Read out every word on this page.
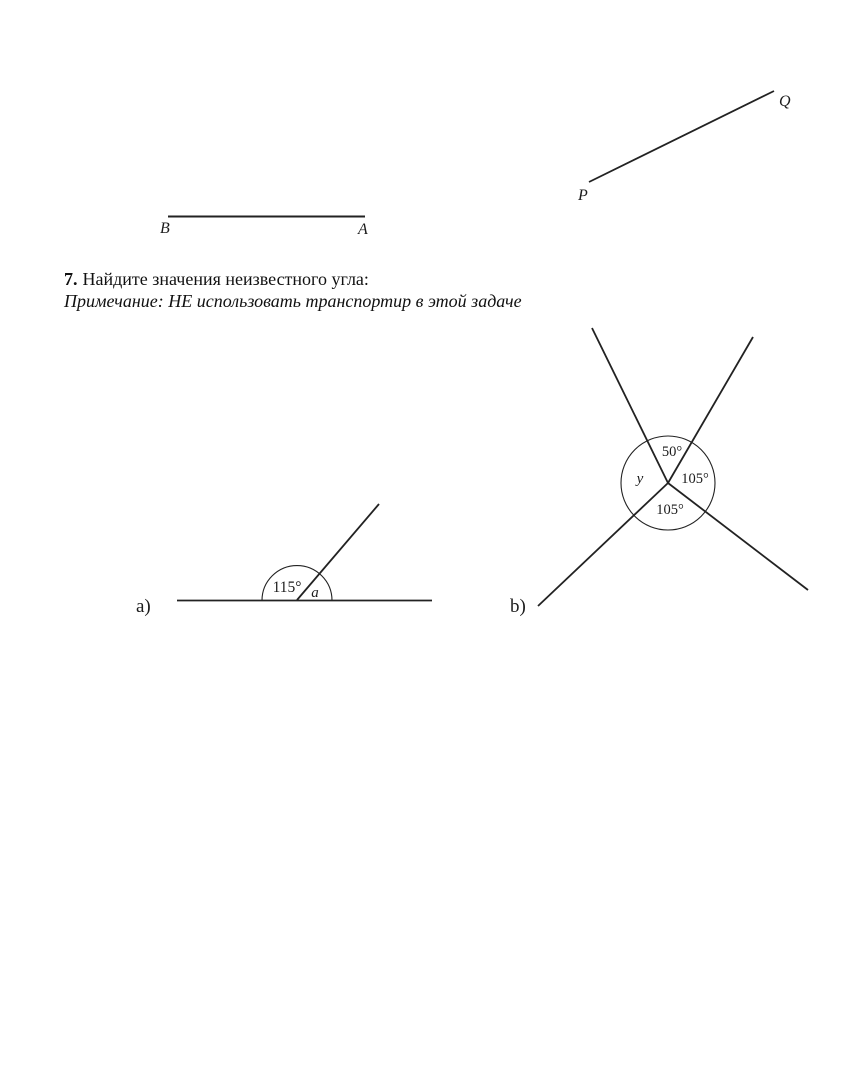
P
Q
B	A
a)
115° a
b)
50°
y	105°
105°
7. Найдите значения неизвестного угла:
Примечание: НЕ использовать транспортир в этой задаче
